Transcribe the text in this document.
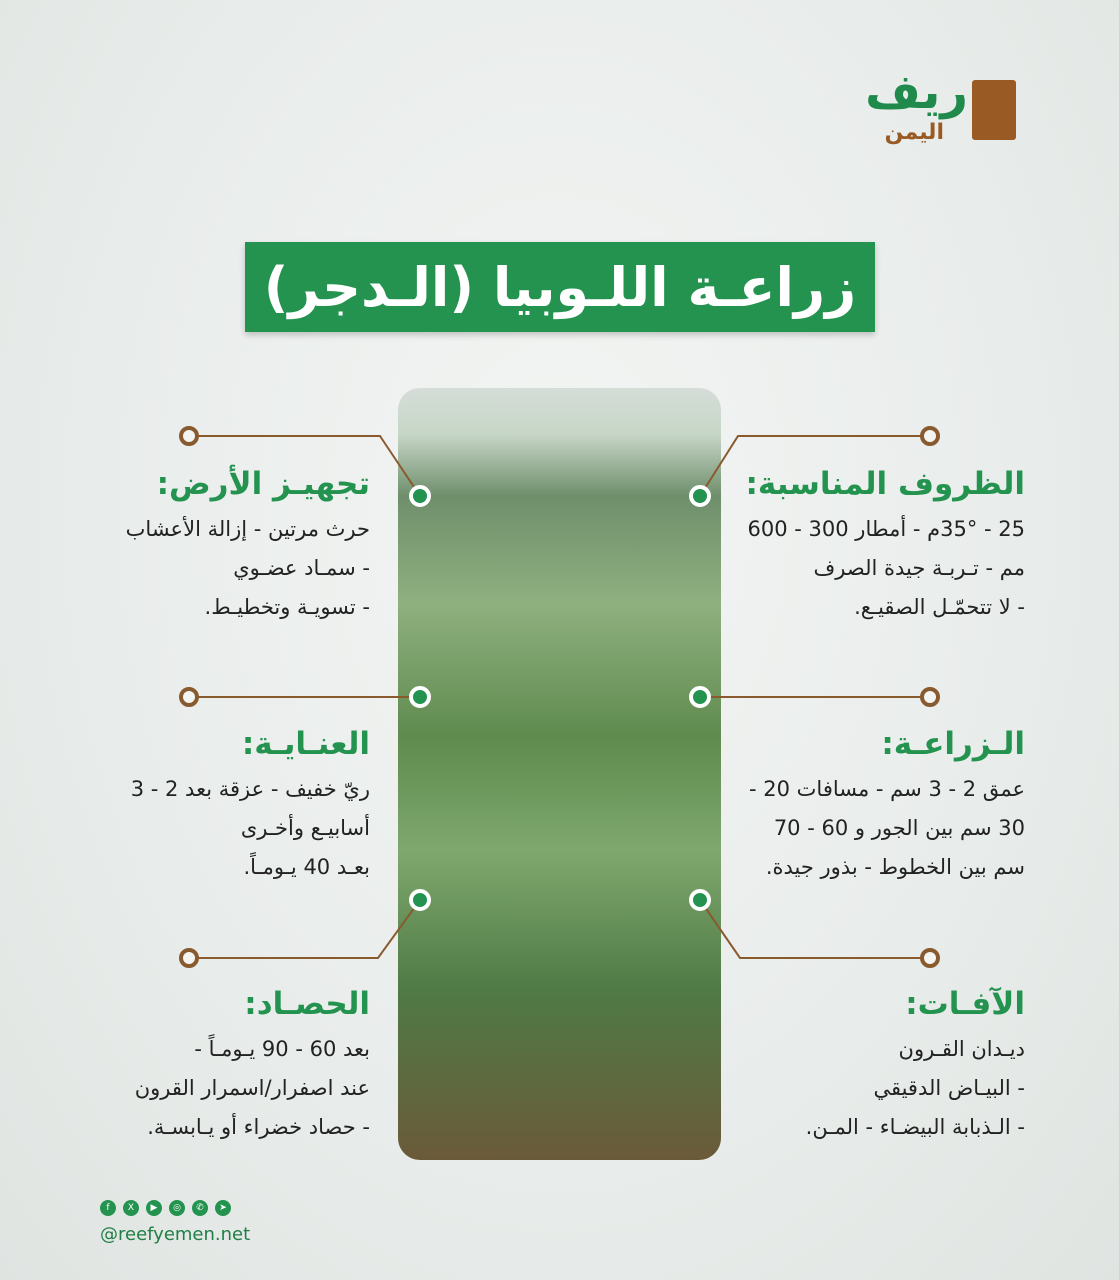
ريف
اليمن
زراعـة اللـوبيا (الـدجر)
الظروف المناسبة:

25 - 35°م - أمطار 300 - 600
مم - تـربـة جيدة الصرف
- لا تتحمّـل الصقيـع.

الـزراعـة:

عمق 2 - 3 سم - مسافات 20 -
30 سم بين الجور و 60 - 70
سم بين الخطوط - بذور جيدة.

الآفـات:

ديـدان القـرون
- البيـاض الدقيقي
- الـذبابة البيضـاء - المـن.

تجهيـز الأرض:

حرث مرتين - إزالة الأعشاب
- سمـاد عضـوي
- تسويـة وتخطيـط.

العنـايـة:

ريّ خفيف - عزقة بعد 2 - 3
أسابيـع وأخـرى
بعـد 40 يـومـاً.

الحصـاد:

بعد 60 - 90 يـومـاً -
عند اصفرار/اسمرار القرون
- حصاد خضراء أو يـابسـة.

f	X	▶	◎	✆	➤
@reefyemen.net
